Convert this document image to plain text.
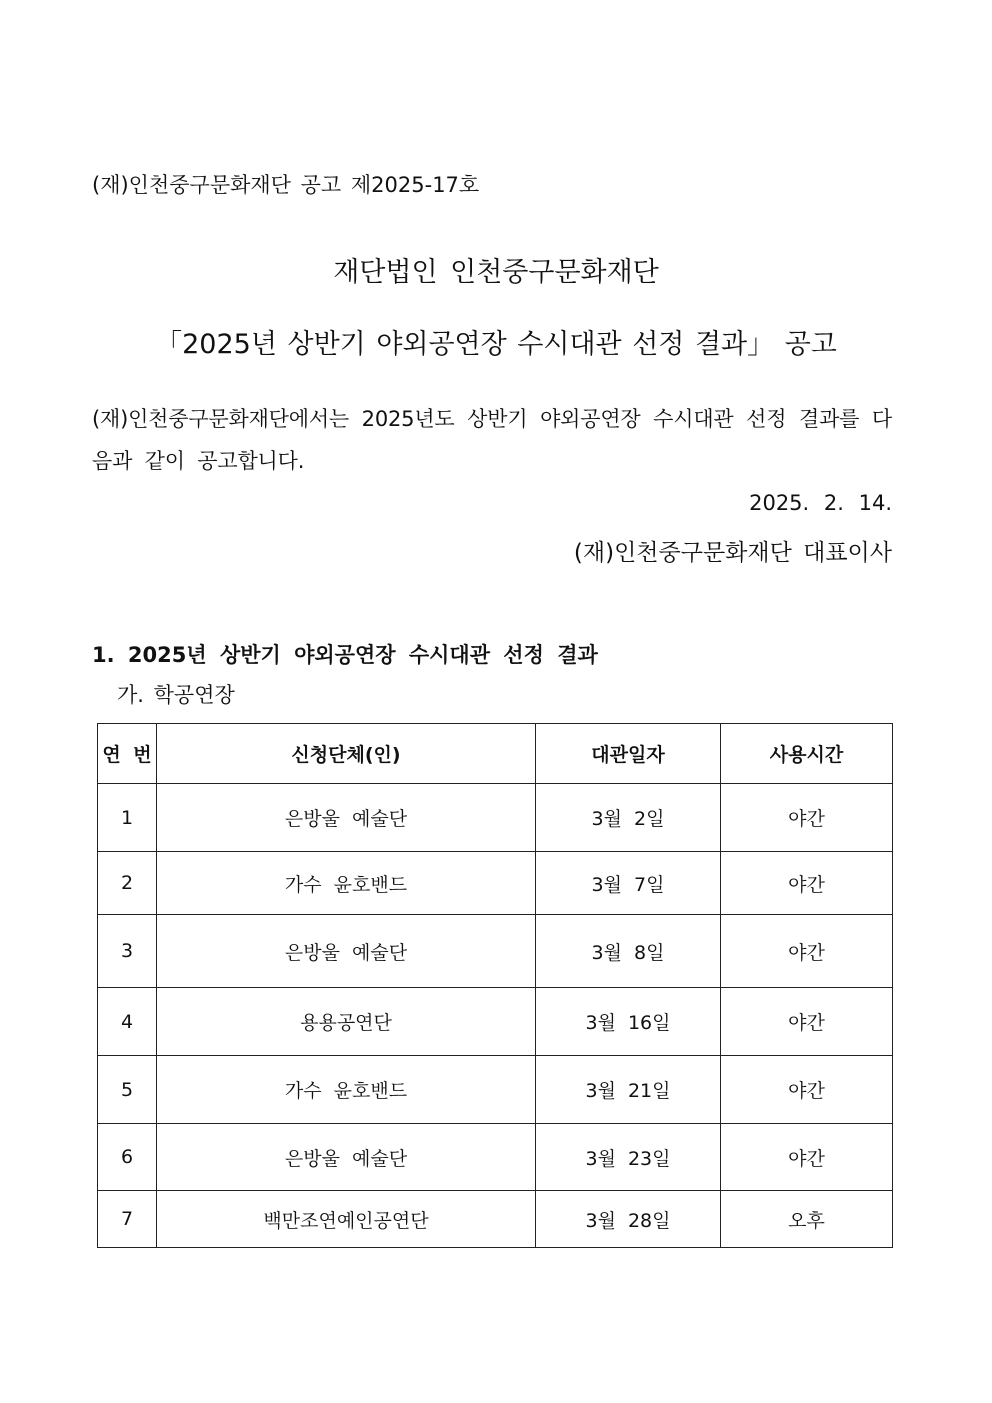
(재)인천중구문화재단 공고 제2025-17호
재단법인 인천중구문화재단
「2025년 상반기 야외공연장 수시대관 선정 결과」 공고
(재)인천중구문화재단에서는 2025년도 상반기 야외공연장 수시대관 선정 결과를 다음과 같이 공고합니다.
2025. 2. 14.
(재)인천중구문화재단 대표이사
1. 2025년 상반기 야외공연장 수시대관 선정 결과
가. 학공연장
연 번	신청단체(인)	대관일자	사용시간
1	은방울 예술단	3월 2일	야간
2	가수 윤호밴드	3월 7일	야간
3	은방울 예술단	3월 8일	야간
4	용용공연단	3월 16일	야간
5	가수 윤호밴드	3월 21일	야간
6	은방울 예술단	3월 23일	야간
7	백만조연예인공연단	3월 28일	오후
